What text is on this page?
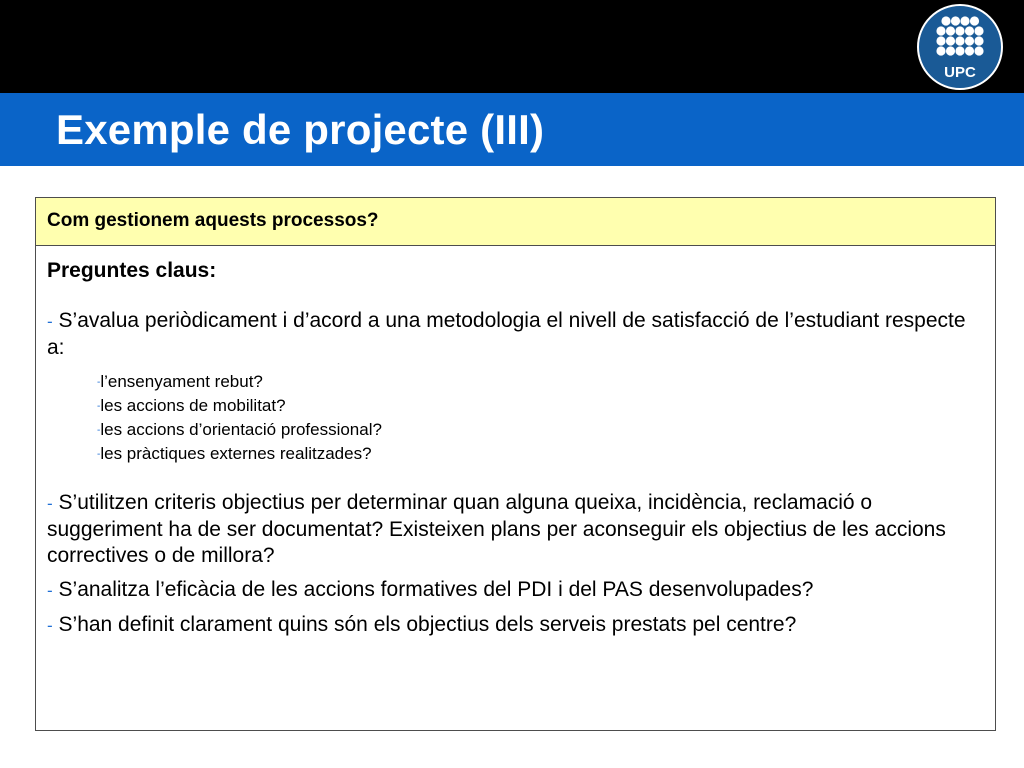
Exemple de projecte (III)
UPC
Com gestionem aquests processos?

Preguntes claus:

- S’avalua periòdicament i d’acord a una metodologia el nivell de satisfacció de l’estudiant respecte a:

-l’ensenyament rebut?
-les accions de mobilitat?
-les accions d’orientació professional?
-les pràctiques externes realitzades?

- S’utilitzen criteris objectius per determinar quan alguna queixa, incidència, reclamació o suggeriment ha de ser documentat? Existeixen plans per aconseguir els objectius de les accions correctives o de millora?

- S’analitza l’eficàcia de les accions formatives del PDI i del PAS desenvolupades?

- S’han definit clarament quins són els objectius dels serveis prestats pel centre?
